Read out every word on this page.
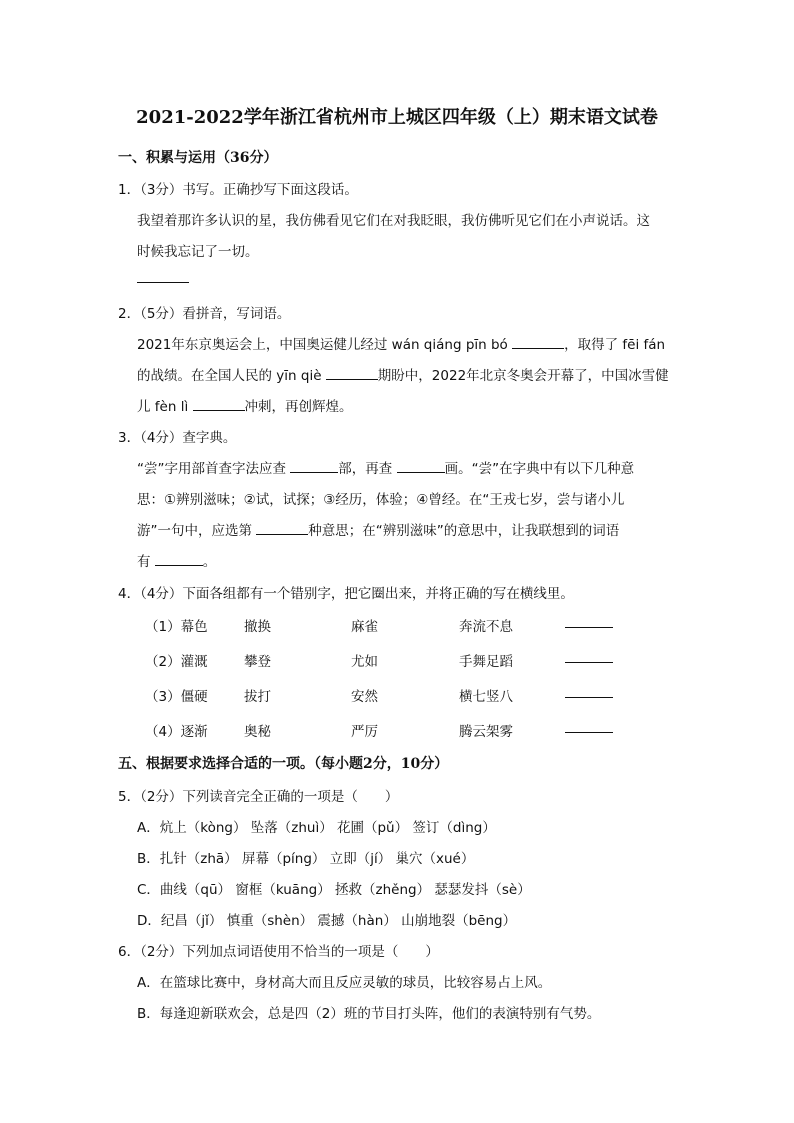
2021-2022学年浙江省杭州市上城区四年级（上）期末语文试卷
一、积累与运用（36分）
1．（3分）书写。正确抄写下面这段话。
我望着那许多认识的星，我仿佛看见它们在对我眨眼，我仿佛听见它们在小声说话。这
时候我忘记了一切。
2．（5分）看拼音，写词语。
2021年东京奥运会上，中国奥运健儿经过 wán qiáng pīn bó	，取得了 fēi fán
的战绩。在全国人民的 yīn qiè	期盼中，2022年北京冬奥会开幕了，中国冰雪健
儿 fèn lì	冲刺，再创辉煌。
3．（4分）查字典。
“尝”字用部首查字法应查	部，再查	画。“尝”在字典中有以下几种意
思：①辨别滋味；②试，试探；③经历，体验；④曾经。在“王戎七岁，尝与诸小儿
游”一句中，应选第	种意思；在“辨别滋味”的意思中，让我联想到的词语
有	。
4．（4分）下面各组都有一个错别字，把它圈出来，并将正确的写在横线里。
（1）幕色	撤换	麻雀	奔流不息
（2）灌溉	攀登	尤如	手舞足蹈
（3）僵硬	拔打	安然	横七竖八
（4）逐渐	奥秘	严厉	腾云架雾
五、根据要求选择合适的一项。（每小题2分，10分）
5．（2分）下列读音完全正确的一项是（　　）
A．炕上（kòng） 坠落（zhuì） 花圃（pǔ） 签订（dìng）
B．扎针（zhā） 屏幕（píng） 立即（jí） 巢穴（xué）
C．曲线（qū） 窗框（kuāng） 拯救（zhěng） 瑟瑟发抖（sè）
D．纪昌（jǐ） 慎重（shèn） 震撼（hàn） 山崩地裂（bēng）
6．（2分）下列加点词语使用不恰当的一项是（　　）
A．在篮球比赛中，身材高大而且反应灵敏的球员，比较容易占上风。
B．每逢迎新联欢会，总是四（2）班的节目打头阵，他们的表演特别有气势。
